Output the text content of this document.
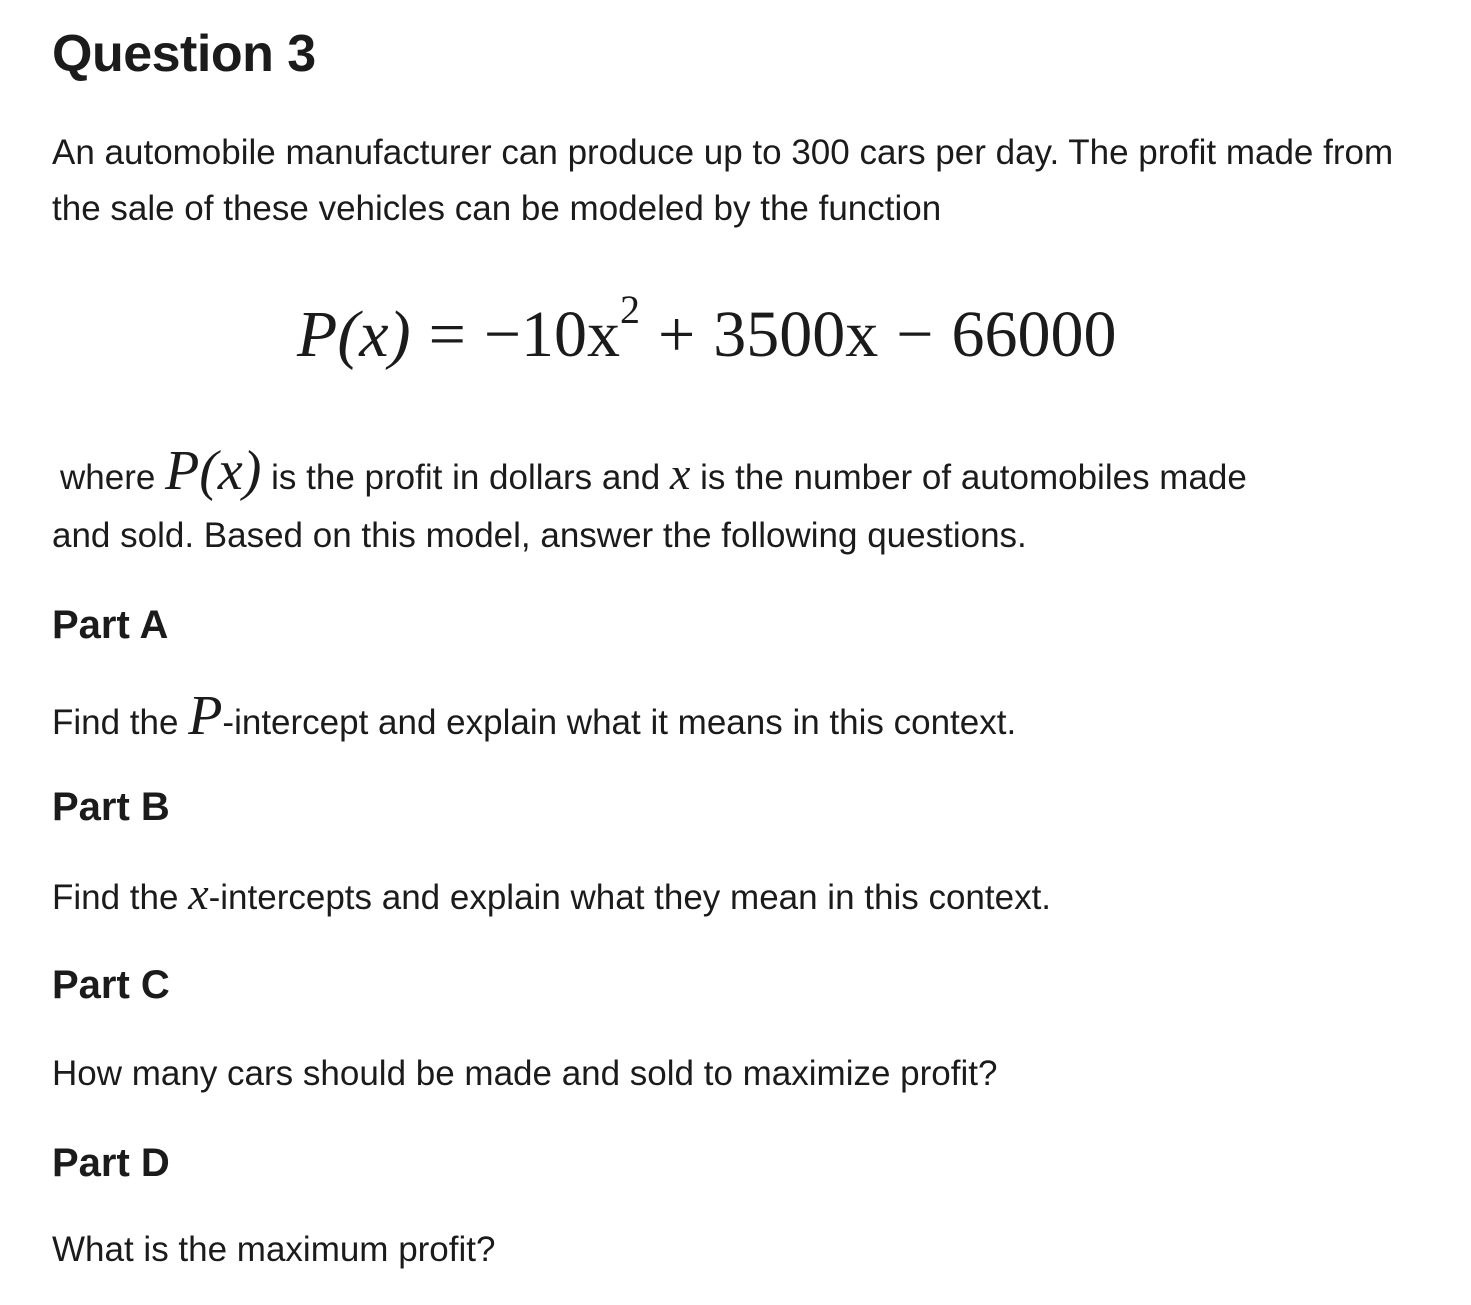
Question 3

An automobile manufacturer can produce up to 300 cars per day. The profit made from the sale of these vehicles can be modeled by the function

$P(x) = -10x^2 + 3500x - 66000$

where P(x) is the profit in dollars and x is the number of automobiles made

and sold. Based on this model, answer the following questions.

Part A

Find the P-intercept and explain what it means in this context.

Part B

Find the x-intercepts and explain what they mean in this context.

Part C

How many cars should be made and sold to maximize profit?

Part D

What is the maximum profit?
